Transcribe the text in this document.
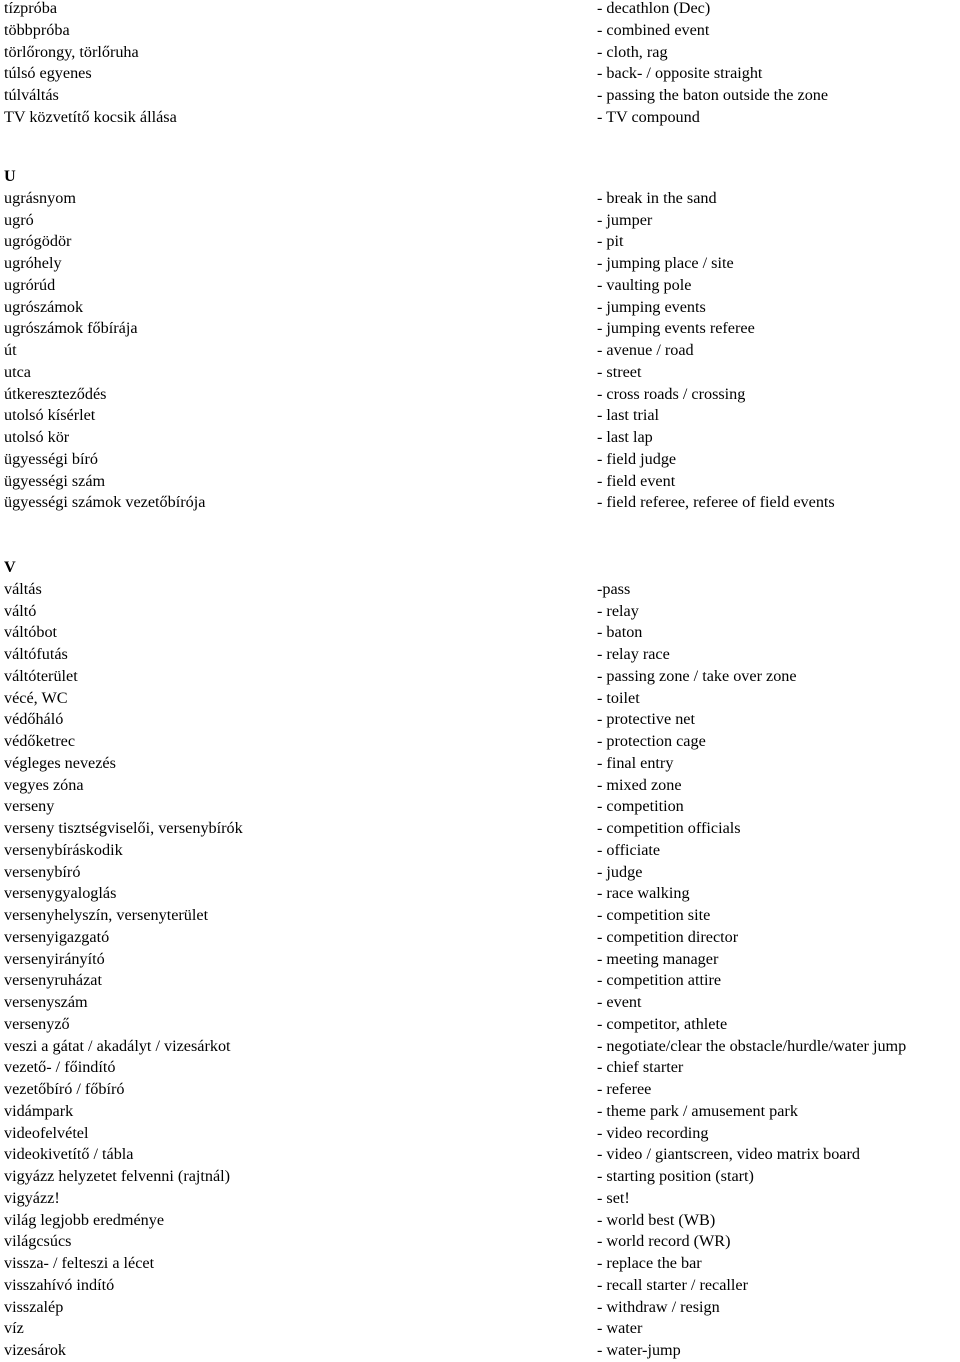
tízpróba	- decathlon (Dec)
többpróba	- combined event
törlőrongy, törlőruha	- cloth, rag
túlsó egyenes	- back- / opposite straight
túlváltás	- passing the baton outside the zone
TV közvetítő kocsik állása	- TV compound
U
ugrásnyom	- break in the sand
ugró	- jumper
ugrógödör	- pit
ugróhely	- jumping place / site
ugrórúd	- vaulting pole
ugrószámok	- jumping events
ugrószámok főbírája	- jumping events referee
út	- avenue / road
utca	- street
útkereszteződés	- cross roads / crossing
utolsó kísérlet	- last trial
utolsó kör	- last lap
ügyességi bíró	- field judge
ügyességi szám	- field event
ügyességi számok vezetőbírója	- field referee, referee of field events
V
váltás	-pass
váltó	- relay
váltóbot	- baton
váltófutás	- relay race
váltóterület	- passing zone / take over zone
vécé, WC	- toilet
védőháló	- protective net
védőketrec	- protection cage
végleges nevezés	- final entry
vegyes zóna	- mixed zone
verseny	- competition
verseny tisztségviselői, versenybírók	- competition officials
versenybíráskodik	- officiate
versenybíró	- judge
versenygyaloglás	- race walking
versenyhelyszín, versenyterület	- competition site
versenyigazgató	- competition director
versenyirányító	- meeting manager
versenyruházat	- competition attire
versenyszám	- event
versenyző	- competitor, athlete
veszi a gátat / akadályt / vizesárkot	- negotiate/clear the obstacle/hurdle/water jump
vezető- / főindító	- chief starter
vezetőbíró / főbíró	- referee
vidámpark	- theme park / amusement park
videofelvétel	- video recording
videokivetítő / tábla	- video / giantscreen, video matrix board
vigyázz helyzetet felvenni (rajtnál)	- starting position (start)
vigyázz!	- set!
világ legjobb eredménye	- world best (WB)
világcsúcs	- world record (WR)
vissza- / felteszi a lécet	- replace the bar
visszahívó indító	- recall starter / recaller
visszalép	- withdraw / resign
víz	- water
vizesárok	- water-jump
